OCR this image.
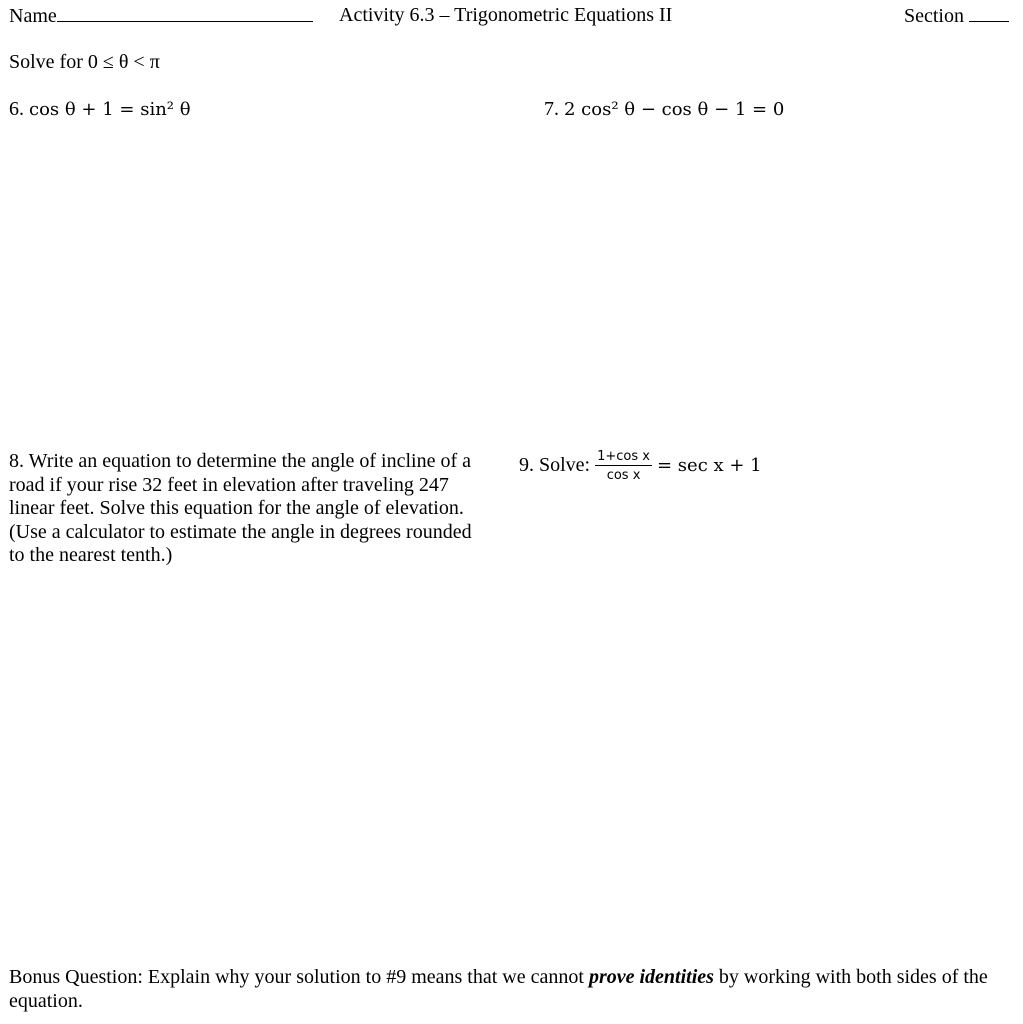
Name	Activity 6.3 – Trigonometric Equations II	Section
Solve for 0 ≤ θ < π
6. cos θ + 1 = sin² θ	7. 2 cos² θ − cos θ − 1 = 0
8. Write an equation to determine the angle of incline of a road if your rise 32 feet in elevation after traveling 247 linear feet. Solve this equation for the angle of elevation. (Use a calculator to estimate the angle in degrees rounded to the nearest tenth.)
9. Solve: $\frac{\text{1+cos x}}{\text{cos x}} = \sec x + 1$
Bonus Question: Explain why your solution to #9 means that we cannot prove identities by working with both sides of the equation.
